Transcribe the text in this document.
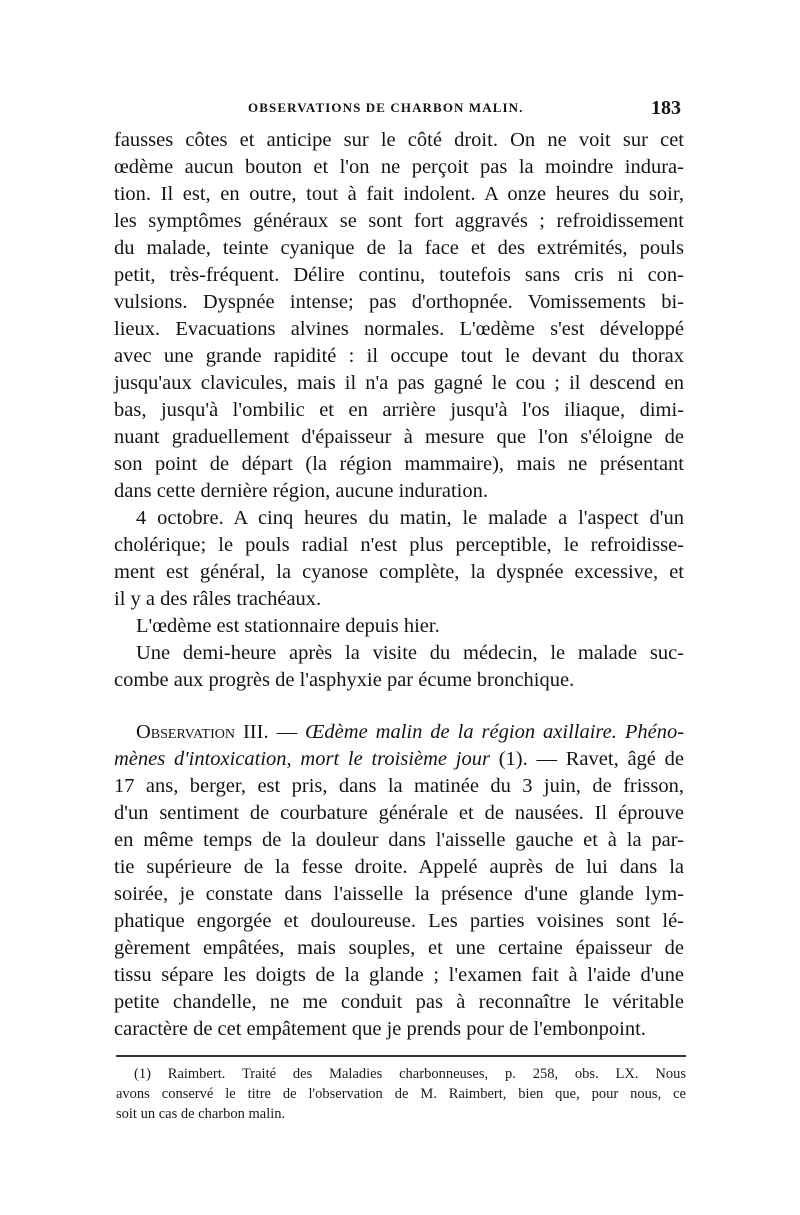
OBSERVATIONS DE CHARBON MALIN.	183
fausses côtes et anticipe sur le côté droit. On ne voit sur cet
œdème aucun bouton et l'on ne perçoit pas la moindre indura-
tion. Il est, en outre, tout à fait indolent. A onze heures du soir,
les symptômes généraux se sont fort aggravés ; refroidissement
du malade, teinte cyanique de la face et des extrémités, pouls
petit, très-fréquent. Délire continu, toutefois sans cris ni con-
vulsions. Dyspnée intense; pas d'orthopnée. Vomissements bi-
lieux. Evacuations alvines normales. L'œdème s'est développé
avec une grande rapidité : il occupe tout le devant du thorax
jusqu'aux clavicules, mais il n'a pas gagné le cou ; il descend en
bas, jusqu'à l'ombilic et en arrière jusqu'à l'os iliaque, dimi-
nuant graduellement d'épaisseur à mesure que l'on s'éloigne de
son point de départ (la région mammaire), mais ne présentant
dans cette dernière région, aucune induration.
4 octobre. A cinq heures du matin, le malade a l'aspect d'un
cholérique; le pouls radial n'est plus perceptible, le refroidisse-
ment est général, la cyanose complète, la dyspnée excessive, et
il y a des râles trachéaux.
L'œdème est stationnaire depuis hier.
Une demi-heure après la visite du médecin, le malade suc-
combe aux progrès de l'asphyxie par écume bronchique.
Observation III. — Œdème malin de la région axillaire. Phéno-
mènes d'intoxication, mort le troisième jour (1). — Ravet, âgé de
17 ans, berger, est pris, dans la matinée du 3 juin, de frisson,
d'un sentiment de courbature générale et de nausées. Il éprouve
en même temps de la douleur dans l'aisselle gauche et à la par-
tie supérieure de la fesse droite. Appelé auprès de lui dans la
soirée, je constate dans l'aisselle la présence d'une glande lym-
phatique engorgée et douloureuse. Les parties voisines sont lé-
gèrement empâtées, mais souples, et une certaine épaisseur de
tissu sépare les doigts de la glande ; l'examen fait à l'aide d'une
petite chandelle, ne me conduit pas à reconnaître le véritable
caractère de cet empâtement que je prends pour de l'embonpoint.
(1) Raimbert. Traité des Maladies charbonneuses, p. 258, obs. LX. Nous
avons conservé le titre de l'observation de M. Raimbert, bien que, pour nous, ce
soit un cas de charbon malin.
